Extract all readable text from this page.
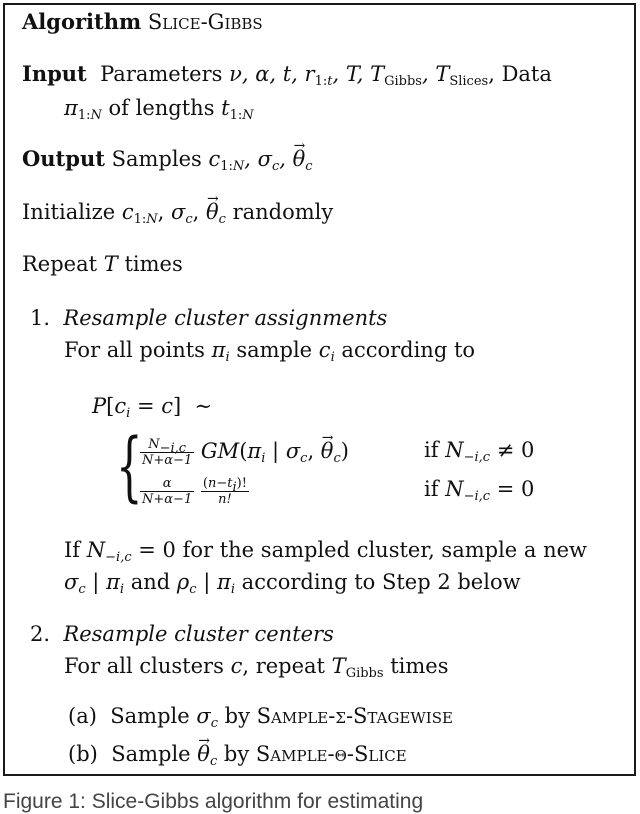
Algorithm Slice-Gibbs
Input Parameters ν, α, t, $r_{1:t}$, T, $T_{Gibbs}$, $T_{Slices}$, Data
$\pi_{1:N}$ of lengths $t_{1:N}$
Output Samples $c_{1:N}$, $\sigma_c$, → $\theta_c$
Initialize $c_{1:N}$, $\sigma_c$, → $\theta_c$ randomly
Repeat T times
1. Resample cluster assignments
For all points $\pi_i$ sample $c_i$ according to
$P[c_i = c]$  ∼
{
$\frac{N_{-i,c}}{N+\alpha-1} GM(\pi_i$ | $\sigma_c$, → $\theta_c$)	if $N_{-i,c} \ne 0$
$\frac{\alpha}{N+\alpha-1}$
$\frac{(n-t_i)!}{n!}$	if $N_{-i,c} = 0$
If $N_{-i,c} = 0$ for the sampled cluster, sample a new
$\sigma_c$ | $\pi_i$ and $\rho_c$ | $\pi_i$ according to Step 2 below
2. Resample cluster centers
For all clusters c, repeat $T_{Gibbs}$ times
(a) Sample $\sigma_c$ by Sample-σ-Stagewise
(b) Sample → $\theta_c$ by Sample-θ-Slice
Figure 1: Slice-Gibbs algorithm for estimating
